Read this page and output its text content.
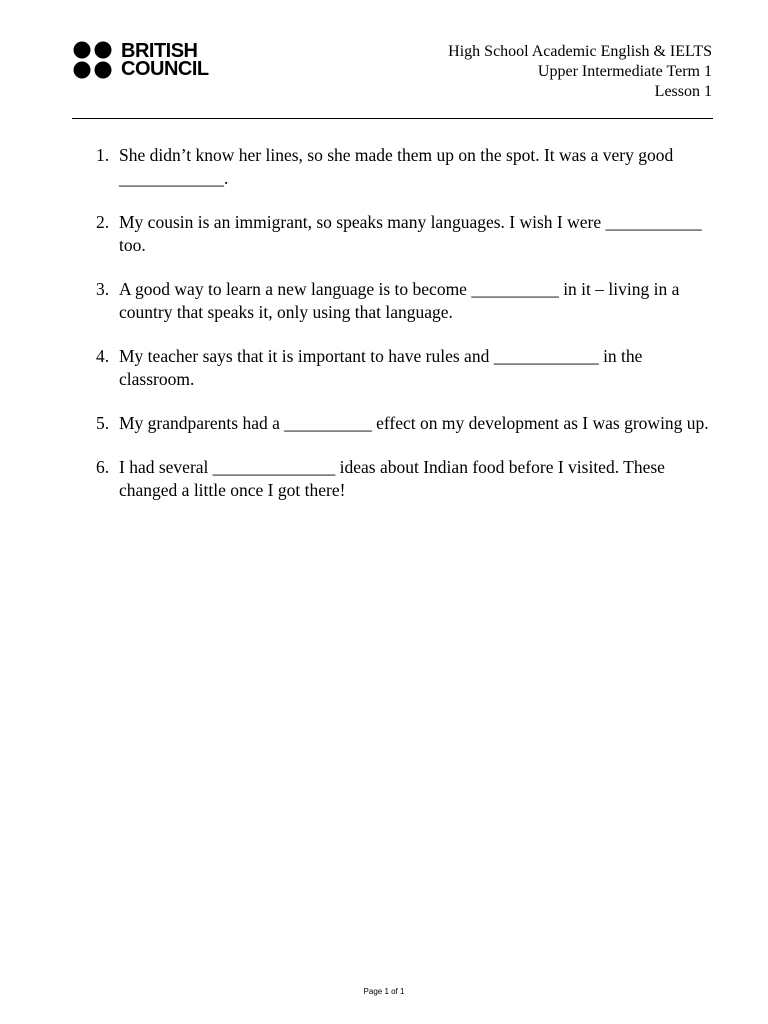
BRITISH
COUNCIL
High School Academic English & IELTS
Upper Intermediate Term 1
Lesson 1
1. She didn’t know her lines, so she made them up on the spot. It was a very good ____________.
2. My cousin is an immigrant, so speaks many languages. I wish I were ___________ too.
3. A good way to learn a new language is to become __________ in it – living in a country that speaks it, only using that language.
4. My teacher says that it is important to have rules and ____________ in the classroom.
5. My grandparents had a __________ effect on my development as I was growing up.
6. I had several ______________ ideas about Indian food before I visited. These changed a little once I got there!
Page 1 of 1
